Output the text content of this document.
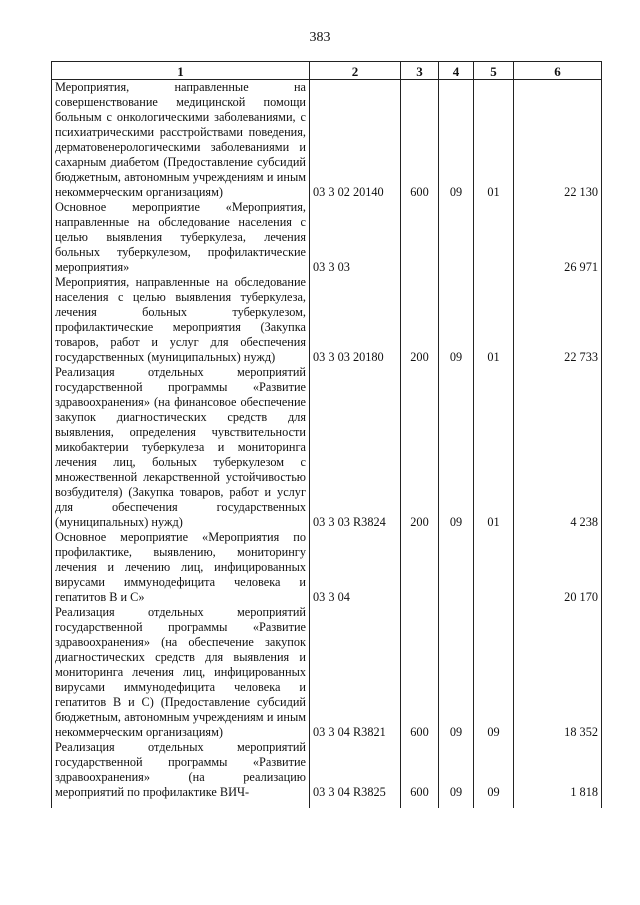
383
1	2	3	4	5	6
Мероприятия, направленные на совершенствование медицинской помощи больным с онкологическими заболеваниями, с психиатрическими расстройствами поведения, дерматовенерологическими заболеваниями и сахарным диабетом (Предоставление субсидий бюджетным, автономным учреждениям и иным некоммерческим организациям)	03 3 02 20140	600	09	01	22 130
Основное мероприятие «Мероприятия, направленные на обследование населения с целью выявления туберкулеза, лечения больных туберкулезом, профилактические мероприятия»	03 3 03				26 971
Мероприятия, направленные на обследование населения с целью выявления туберкулеза, лечения больных туберкулезом, профилактические мероприятия (Закупка товаров, работ и услуг для обеспечения государственных (муниципальных) нужд)	03 3 03 20180	200	09	01	22 733
Реализация отдельных мероприятий государственной программы «Развитие здравоохранения» (на финансовое обеспечение закупок диагностических средств для выявления, определения чувствительности микобактерии туберкулеза и мониторинга лечения лиц, больных туберкулезом с множественной лекарственной устойчивостью возбудителя) (Закупка товаров, работ и услуг для обеспечения государственных (муниципальных) нужд)	03 3 03 R3824	200	09	01	4 238
Основное мероприятие «Мероприятия по профилактике, выявлению, мониторингу лечения и лечению лиц, инфицированных вирусами иммунодефицита человека и гепатитов В и С»	03 3 04				20 170
Реализация отдельных мероприятий государственной программы «Развитие здравоохранения» (на обеспечение закупок диагностических средств для выявления и мониторинга лечения лиц, инфицированных вирусами иммунодефицита человека и гепатитов В и С) (Предоставление субсидий бюджетным, автономным учреждениям и иным некоммерческим организациям)	03 3 04 R3821	600	09	09	18 352
Реализация отдельных мероприятий государственной программы «Развитие здравоохранения» (на реализацию мероприятий по профилактике ВИЧ-	03 3 04 R3825	600	09	09	1 818
